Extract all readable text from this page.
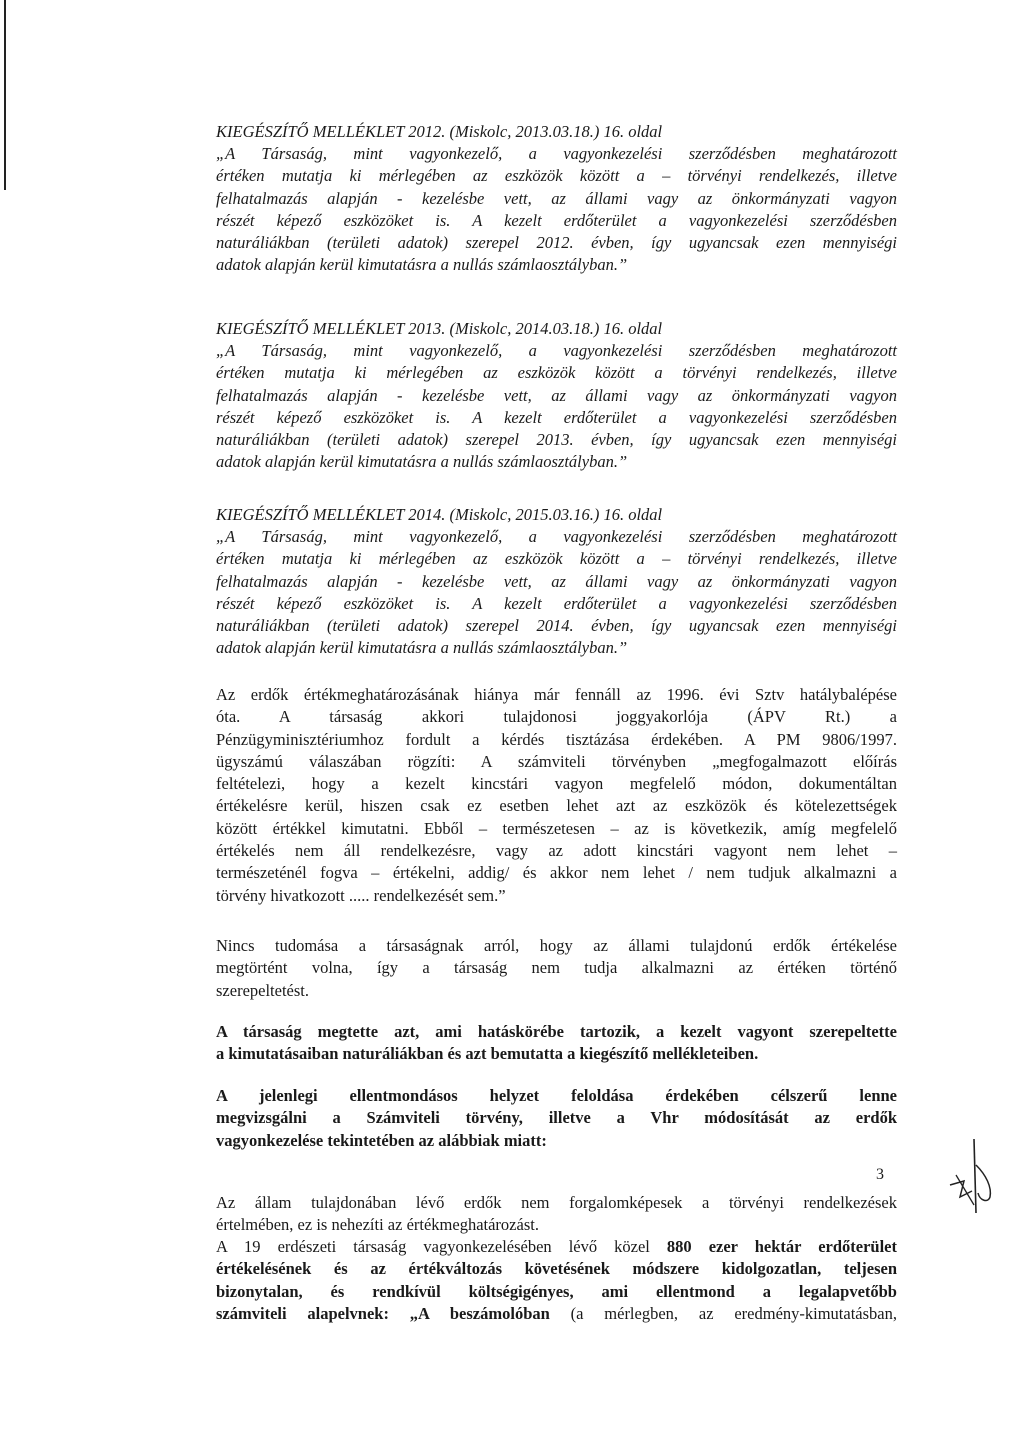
KIEGÉSZÍTŐ MELLÉKLET 2012. (Miskolc, 2013.03.18.) 16. oldal
„A Társaság, mint vagyonkezelő, a vagyonkezelési szerződésben meghatározott
értéken mutatja ki mérlegében az eszközök között a – törvényi rendelkezés, illetve
felhatalmazás alapján - kezelésbe vett, az állami vagy az önkormányzati vagyon
részét képező eszközöket is. A kezelt erdőterület a vagyonkezelési szerződésben
naturáliákban (területi adatok) szerepel 2012. évben, így ugyancsak ezen mennyiségi
adatok alapján kerül kimutatásra a nullás számlaosztályban.”
KIEGÉSZÍTŐ MELLÉKLET 2013. (Miskolc, 2014.03.18.) 16. oldal
„A Társaság, mint vagyonkezelő, a vagyonkezelési szerződésben meghatározott
értéken mutatja ki mérlegében az eszközök között a törvényi rendelkezés, illetve
felhatalmazás alapján - kezelésbe vett, az állami vagy az önkormányzati vagyon
részét képező eszközöket is. A kezelt erdőterület a vagyonkezelési szerződésben
naturáliákban (területi adatok) szerepel 2013. évben, így ugyancsak ezen mennyiségi
adatok alapján kerül kimutatásra a nullás számlaosztályban.”
KIEGÉSZÍTŐ MELLÉKLET 2014. (Miskolc, 2015.03.16.) 16. oldal
„A Társaság, mint vagyonkezelő, a vagyonkezelési szerződésben meghatározott
értéken mutatja ki mérlegében az eszközök között a – törvényi rendelkezés, illetve
felhatalmazás alapján - kezelésbe vett, az állami vagy az önkormányzati vagyon
részét képező eszközöket is. A kezelt erdőterület a vagyonkezelési szerződésben
naturáliákban (területi adatok) szerepel 2014. évben, így ugyancsak ezen mennyiségi
adatok alapján kerül kimutatásra a nullás számlaosztályban.”
Az erdők értékmeghatározásának hiánya már fennáll az 1996. évi Sztv hatálybalépése
óta. A társaság akkori tulajdonosi joggyakorlója (ÁPV Rt.) a
Pénzügyminisztériumhoz fordult a kérdés tisztázása érdekében. A PM 9806/1997.
ügyszámú válaszában rögzíti: A számviteli törvényben „megfogalmazott előírás
feltételezi, hogy a kezelt kincstári vagyon megfelelő módon, dokumentáltan
értékelésre kerül, hiszen csak ez esetben lehet azt az eszközök és kötelezettségek
között értékkel kimutatni. Ebből – természetesen – az is következik, amíg megfelelő
értékelés nem áll rendelkezésre, vagy az adott kincstári vagyont nem lehet –
természeténél fogva – értékelni, addig/ és akkor nem lehet / nem tudjuk alkalmazni a
törvény hivatkozott ..... rendelkezését sem.”
Nincs tudomása a társaságnak arról, hogy az állami tulajdonú erdők értékelése
megtörtént volna, így a társaság nem tudja alkalmazni az értéken történő
szerepeltetést.
A társaság megtette azt, ami hatáskörébe tartozik, a kezelt vagyont szerepeltette
a kimutatásaiban naturáliákban és azt bemutatta a kiegészítő mellékleteiben.
A jelenlegi ellentmondásos helyzet feloldása érdekében célszerű lenne
megvizsgálni a Számviteli törvény, illetve a Vhr módosítását az erdők
vagyonkezelése tekintetében az alábbiak miatt:
Az állam tulajdonában lévő erdők nem forgalomképesek a törvényi rendelkezések
értelmében, ez is nehezíti az értékmeghatározást.
A 19 erdészeti társaság vagyonkezelésében lévő közel 880 ezer hektár erdőterület
értékelésének és az értékváltozás követésének módszere kidolgozatlan, teljesen
bizonytalan, és rendkívül költségigényes, ami ellentmond a legalapvetőbb
számviteli alapelvnek: „A beszámolóban (a mérlegben, az eredmény-kimutatásban,
3
